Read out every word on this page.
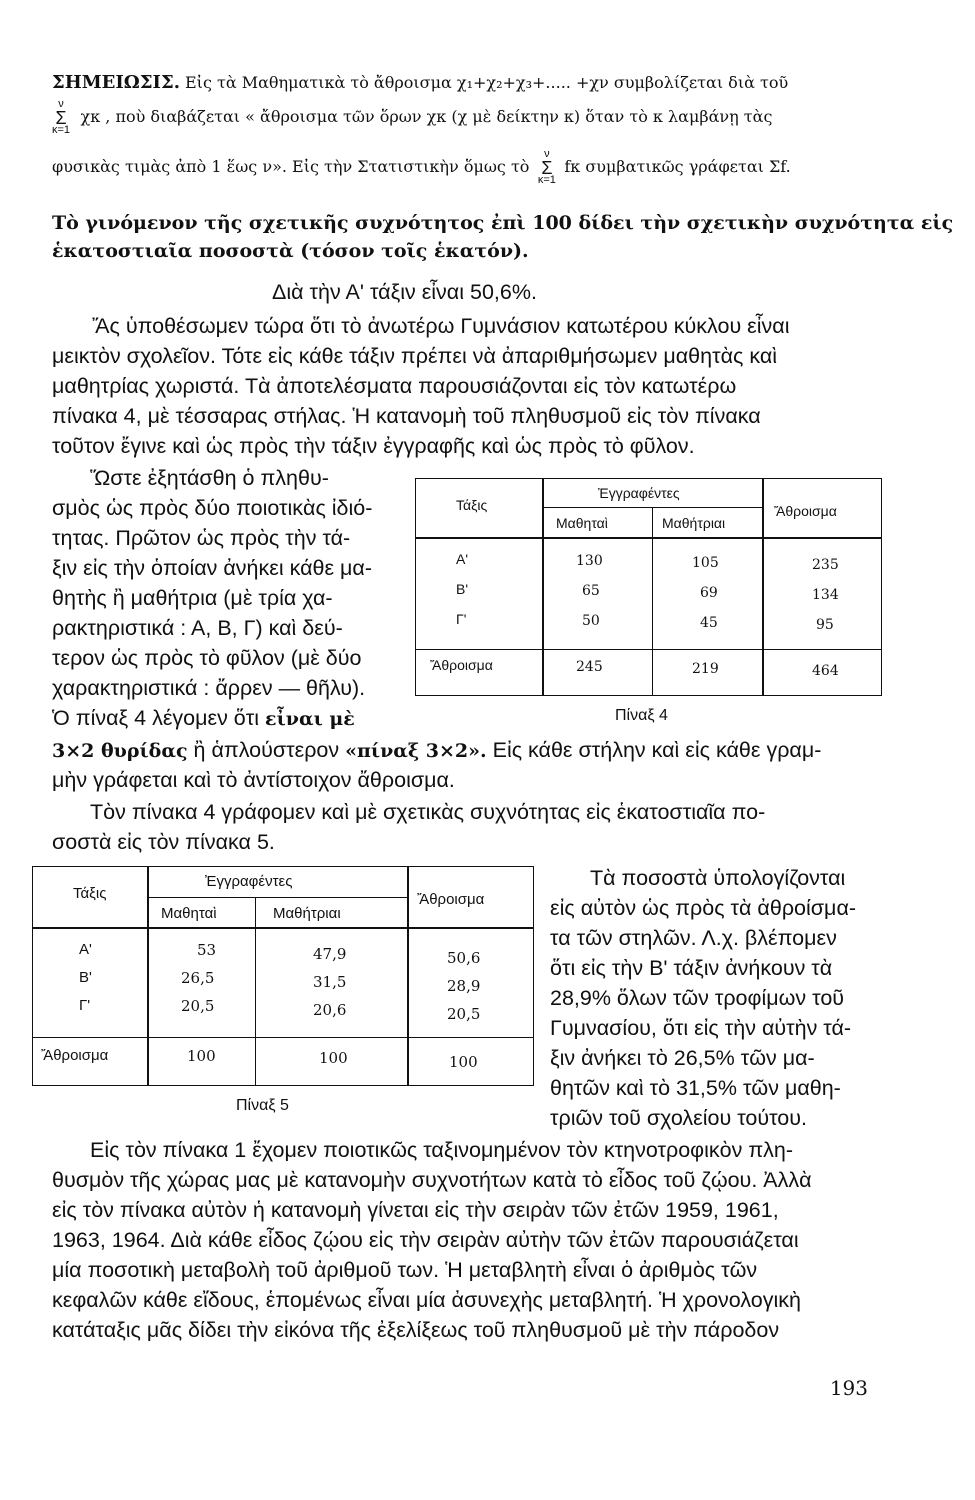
ΣΗΜΕΙΩΣΙΣ. Εἰς τὰ Μαθηματικὰ τὸ ἄθροισμα χ₁+χ₂+χ₃+..... +χν συμβολίζεται διὰ τοῦ
ν
Σ
κ=1
χκ , ποὺ διαβάζεται « ἄθροισμα τῶν ὅρων χκ (χ μὲ δείκτην κ) ὅταν τὸ κ λαμβάνῃ τὰς
φυσικὰς τιμὰς ἀπὸ 1 ἕως ν». Εἰς τὴν Στατιστικὴν ὅμως τὸ
ν
Σ
κ=1
fκ συμβατικῶς γράφεται Σf.
Τὸ γινόμενον τῆς σχετικῆς συχνότητος ἐπὶ 100 δίδει τὴν σχετικὴν συχνότητα εἰς
ἑκατοστιαῖα ποσοστὰ (τόσον τοῖς ἑκατόν).
Διὰ τὴν Α' τάξιν εἶναι 50,6%.
Ἄς ὑποθέσωμεν τώρα ὅτι τὸ ἀνωτέρω Γυμνάσιον κατωτέρου κύκλου εἶναι
μεικτὸν σχολεῖον. Τότε εἰς κάθε τάξιν πρέπει νὰ ἀπαριθμήσωμεν μαθητὰς καὶ
μαθητρίας χωριστά. Τὰ ἀποτελέσματα παρουσιάζονται εἰς τὸν κατωτέρω
πίνακα 4, μὲ τέσσαρας στήλας. Ἡ κατανομὴ τοῦ πληθυσμοῦ εἰς τὸν πίνακα
τοῦτον ἔγινε καὶ ὡς πρὸς τὴν τάξιν ἐγγραφῆς καὶ ὡς πρὸς τὸ φῦλον.
Ὥστε ἐξητάσθη ὁ πληθυ-
σμὸς ὡς πρὸς δύο ποιοτικὰς ἰδιό-
τητας. Πρῶτον ὡς πρὸς τὴν τά-
ξιν εἰς τὴν ὁποίαν ἀνήκει κάθε μα-
θητὴς ἢ μαθήτρια (μὲ τρία χα-
ρακτηριστικά : Α, Β, Γ) καὶ δεύ-
τερον ὡς πρὸς τὸ φῦλον (μὲ δύο
χαρακτηριστικά : ἄρρεν — θῆλυ).
Ὁ πίναξ 4 λέγομεν ὅτι εἶναι μὲ
3×2 θυρίδας ἢ ἁπλούστερον «πίναξ 3×2». Εἰς κάθε στήλην καὶ εἰς κάθε γραμ-
μὴν γράφεται καὶ τὸ ἀντίστοιχον ἄθροισμα.
Τὸν πίνακα 4 γράφομεν καὶ μὲ σχετικὰς συχνότητας εἰς ἑκατοστιαῖα πο-
σοστὰ εἰς τὸν πίνακα 5.
Τὰ ποσοστὰ ὑπολογίζονται
εἰς αὐτὸν ὡς πρὸς τὰ ἀθροίσμα-
τα τῶν στηλῶν. Λ.χ. βλέπομεν
ὅτι εἰς τὴν Β' τάξιν ἀνήκουν τὰ
28,9% ὅλων τῶν τροφίμων τοῦ
Γυμνασίου, ὅτι εἰς τὴν αὐτὴν τά-
ξιν ἀνήκει τὸ 26,5% τῶν μα-
θητῶν καὶ τὸ 31,5% τῶν μαθη-
τριῶν τοῦ σχολείου τούτου.
Εἰς τὸν πίνακα 1 ἔχομεν ποιοτικῶς ταξινομημένον τὸν κτηνοτροφικὸν πλη-
θυσμὸν τῆς χώρας μας μὲ κατανομὴν συχνοτήτων κατὰ τὸ εἶδος τοῦ ζῴου. Ἀλλὰ
εἰς τὸν πίνακα αὐτὸν ἡ κατανομὴ γίνεται εἰς τὴν σειρὰν τῶν ἐτῶν 1959, 1961,
1963, 1964. Διὰ κάθε εἶδος ζῴου εἰς τὴν σειρὰν αὐτὴν τῶν ἐτῶν παρουσιάζεται
μία ποσοτικὴ μεταβολὴ τοῦ ἀριθμοῦ των. Ἡ μεταβλητὴ εἶναι ὁ ἀριθμὸς τῶν
κεφαλῶν κάθε εἴδους, ἑπομένως εἶναι μία ἀσυνεχὴς μεταβλητή. Ἡ χρονολογικὴ
κατάταξις μᾶς δίδει τὴν εἰκόνα τῆς ἐξελίξεως τοῦ πληθυσμοῦ μὲ τὴν πάροδον
Τάξις
Ἐγγραφέντες
Μαθηταὶ	Μαθήτριαι
Ἄθροισμα
Α'	130	105	235
Β'	65	69	134
Γ'	50	45	95
Ἄθροισμα	245	219	464
Πίναξ 4
Τάξις
Ἐγγραφέντες
Μαθηταὶ	Μαθήτριαι
Ἄθροισμα
Α'	53	47,9	50,6
Β'	26,5	31,5	28,9
Γ'	20,5	20,6	20,5
Ἄθροισμα	100	100	100
Πίναξ 5
193
